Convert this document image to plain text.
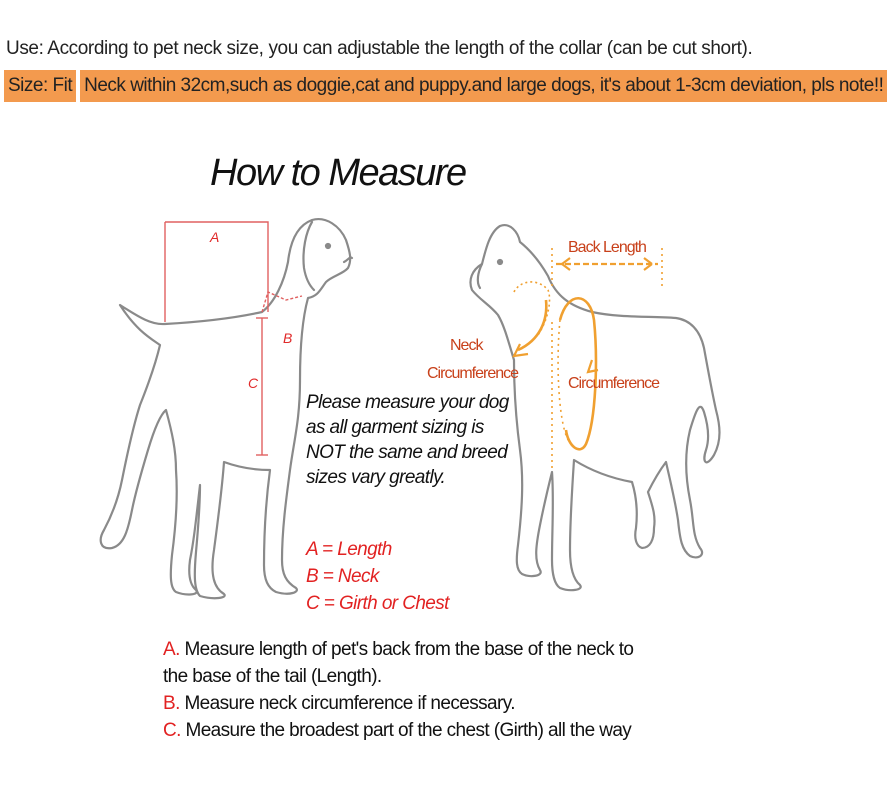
Use: According to pet neck size, you can adjustable the length of the collar (can be cut short).
Size: Fit Neck within 32cm,such as doggie,cat and puppy.and large dogs, it's about 1-3cm deviation, pls note!!
How to Measure
A
B
C
Back Length
Neck
Circumference
Circumference
Please measure your dog
as all garment sizing is
NOT the same and breed
sizes vary greatly.
A = Length
B = Neck
C = Girth or Chest
A. Measure length of pet's back from the base of the neck to
the base of the tail (Length).
B. Measure neck circumference if necessary.
C. Measure the broadest part of the chest (Girth) all the way
